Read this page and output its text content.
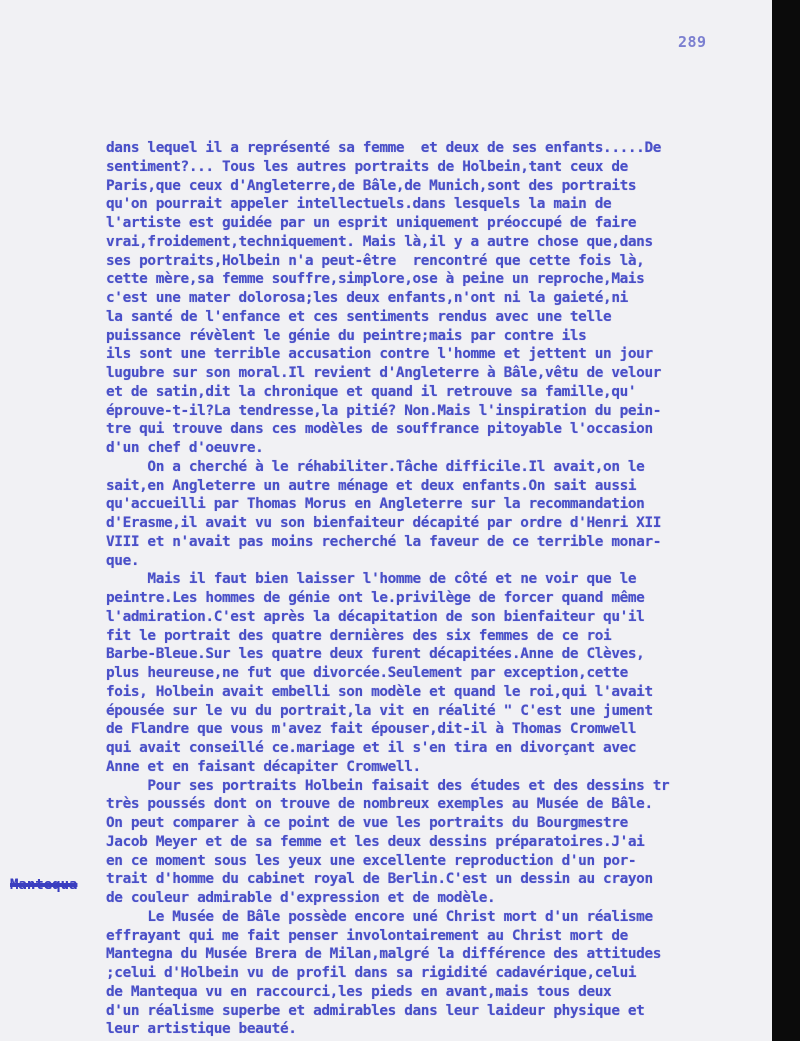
289
Mantequa
dans lequel il a représenté sa femme  et deux de ses enfants.....De
sentiment?... Tous les autres portraits de Holbein,tant ceux de
Paris,que ceux d'Angleterre,de Bâle,de Munich,sont des portraits
qu'on pourrait appeler intellectuels.dans lesquels la main de
l'artiste est guidée par un esprit uniquement préoccupé de faire
vrai,froidement,techniquement. Mais là,il y a autre chose que,dans
ses portraits,Holbein n'a peut-être  rencontré que cette fois là,
cette mère,sa femme souffre,simplore,ose à peine un reproche,Mais
c'est une mater dolorosa;les deux enfants,n'ont ni la gaieté,ni
la santé de l'enfance et ces sentiments rendus avec une telle
puissance révèlent le génie du peintre;mais par contre ils
ils sont une terrible accusation contre l'homme et jettent un jour
lugubre sur son moral.Il revient d'Angleterre à Bâle,vêtu de velour
et de satin,dit la chronique et quand il retrouve sa famille,qu'
éprouve-t-il?La tendresse,la pitié? Non.Mais l'inspiration du pein-
tre qui trouve dans ces modèles de souffrance pitoyable l'occasion
d'un chef d'oeuvre.
On a cherché à le réhabiliter.Tâche difficile.Il avait,on le
sait,en Angleterre un autre ménage et deux enfants.On sait aussi
qu'accueilli par Thomas Morus en Angleterre sur la recommandation
d'Erasme,il avait vu son bienfaiteur décapité par ordre d'Henri XII
VIII et n'avait pas moins recherché la faveur de ce terrible monar-
que.
Mais il faut bien laisser l'homme de côté et ne voir que le
peintre.Les hommes de génie ont le.privilège de forcer quand même
l'admiration.C'est après la décapitation de son bienfaiteur qu'il
fit le portrait des quatre dernières des six femmes de ce roi
Barbe-Bleue.Sur les quatre deux furent décapitées.Anne de Clèves,
plus heureuse,ne fut que divorcée.Seulement par exception,cette
fois, Holbein avait embelli son modèle et quand le roi,qui l'avait
épousée sur le vu du portrait,la vit en réalité " C'est une jument
de Flandre que vous m'avez fait épouser,dit-il à Thomas Cromwell
qui avait conseillé ce.mariage et il s'en tira en divorçant avec
Anne et en faisant décapiter Cromwell.
Pour ses portraits Holbein faisait des études et des dessins tr
très poussés dont on trouve de nombreux exemples au Musée de Bâle.
On peut comparer à ce point de vue les portraits du Bourgmestre
Jacob Meyer et de sa femme et les deux dessins préparatoires.J'ai
en ce moment sous les yeux une excellente reproduction d'un por-
trait d'homme du cabinet royal de Berlin.C'est un dessin au crayon
de couleur admirable d'expression et de modèle.
Le Musée de Bâle possède encore uné Christ mort d'un réalisme
effrayant qui me fait penser involontairement au Christ mort de
Mantegna du Musée Brera de Milan,malgré la différence des attitudes
;celui d'Holbein vu de profil dans sa rigidité cadavérique,celui
de Mantequa vu en raccourci,les pieds en avant,mais tous deux
d'un réalisme superbe et admirables dans leur laideur physique et
leur artistique beauté.
